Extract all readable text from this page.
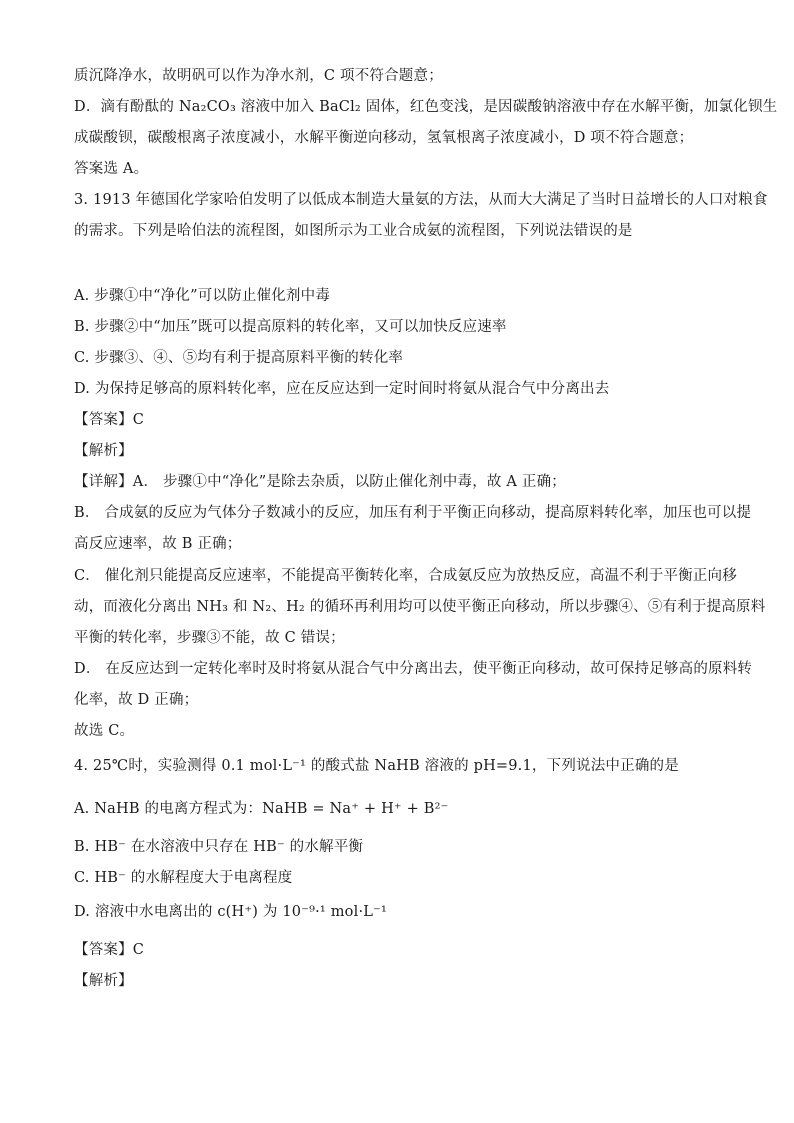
质沉降净水，故明矾可以作为净水剂，C 项不符合题意；
D．滴有酚酞的 Na₂CO₃ 溶液中加入 BaCl₂ 固体，红色变浅，是因碳酸钠溶液中存在水解平衡，加氯化钡生
成碳酸钡，碳酸根离子浓度减小，水解平衡逆向移动，氢氧根离子浓度减小，D 项不符合题意；
答案选 A。
3. 1913 年德国化学家哈伯发明了以低成本制造大量氨的方法，从而大大满足了当时日益增长的人口对粮食
的需求。下列是哈伯法的流程图，如图所示为工业合成氨的流程图，下列说法错误的是
A. 步骤①中“净化”可以防止催化剂中毒
B. 步骤②中“加压”既可以提高原料的转化率，又可以加快反应速率
C. 步骤③、④、⑤均有利于提高原料平衡的转化率
D. 为保持足够高的原料转化率，应在反应达到一定时间时将氨从混合气中分离出去
【答案】C
【解析】
【详解】A． 步骤①中“净化”是除去杂质，以防止催化剂中毒，故 A 正确；
B． 合成氨的反应为气体分子数减小的反应，加压有利于平衡正向移动，提高原料转化率，加压也可以提
高反应速率，故 B 正确；
C． 催化剂只能提高反应速率，不能提高平衡转化率，合成氨反应为放热反应，高温不利于平衡正向移
动，而液化分离出 NH₃ 和 N₂、H₂ 的循环再利用均可以使平衡正向移动，所以步骤④、⑤有利于提高原料
平衡的转化率，步骤③不能，故 C 错误；
D． 在反应达到一定转化率时及时将氨从混合气中分离出去，使平衡正向移动，故可保持足够高的原料转
化率，故 D 正确；
故选 C。
4. 25℃时，实验测得 0.1 mol·L⁻¹ 的酸式盐 NaHB 溶液的 pH=9.1，下列说法中正确的是
A. NaHB 的电离方程式为：NaHB = Na⁺ + H⁺ + B²⁻
B. HB⁻ 在水溶液中只存在 HB⁻ 的水解平衡
C. HB⁻ 的水解程度大于电离程度
D. 溶液中水电离出的 c(H⁺) 为 10⁻⁹·¹ mol·L⁻¹
【答案】C
【解析】
